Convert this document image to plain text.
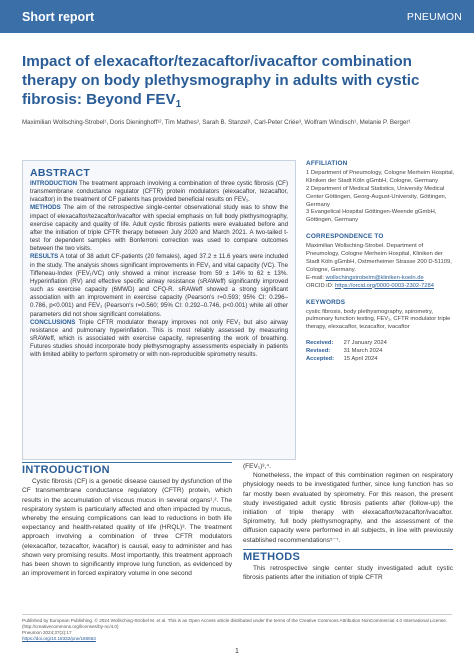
Short report	PNEUMON
Impact of elexacaftor/tezacaftor/ivacaftor combination therapy on body plethysmography in adults with cystic fibrosis: Beyond $FEV_1$
Maximilian Wollsching-Strobel¹, Doris Dieninghoff¹², Tim Mathes³, Sarah B. Stanzel¹, Carl-Peter Criée³, Wolfram Windisch¹, Melanie P. Berger¹
ABSTRACT
INTRODUCTION The treatment approach involving a combination of three cystic fibrosis (CF) transmembrane conductance regulator (CFTR) protein modulators (elexacaftor, tezacaftor, ivacaftor) in the treatment of CF patients has provided beneficial results on FEV₁.
METHODS The aim of the retrospective single-center observational study was to show the impact of elexacaftor/tezacaftor/ivacaftor with special emphasis on full body plethysmography, exercise capacity and quality of life. Adult cystic fibrosis patients were evaluated before and after the initiation of triple CFTR therapy between July 2020 and March 2021. A two-tailed t-test for dependent samples with Bonferroni correction was used to compare outcomes between the two visits.
RESULTS A total of 38 adult CF-patients (20 females), aged 37.2 ± 11.6 years were included in the study. The analysis shows significant improvements in FEV₁ and vital capacity (VC). The Tiffeneau-Index (FEV₁/VC) only showed a minor increase from 59 ± 14% to 62 ± 13%. Hyperinflation (RV) and effective specific airway resistance (sRAWeff) significantly improved such as exercise capacity (6MWD) and CFQ-R. sRAWeff showed a strong significant association with an improvement in exercise capacity (Pearson's r=0.593; 95% CI: 0.296–0.786, p<0.001) and FEV₁ (Pearson's r=0.560; 95% CI: 0.292–0.746, p<0.001) while all other parameters did not show significant correlations.
CONCLUSIONS Triple CFTR modulator therapy improves not only FEV₁ but also airway resistance and pulmonary hyperinflation. This is most reliably assessed by measuring sRAWeff, which is associated with exercise capacity, representing the work of breathing. Futures studies should incorporate body plethysmography assessments especially in patients with limited ability to perform spirometry or with non-reproducible spirometry results.
AFFILIATION
1 Department of Pneumology, Cologne Merheim Hospital, Kliniken der Stadt Köln gGmbH, Cologne, Germany
2 Department of Medical Statistics, University Medical Center Göttingen, Georg-August-University, Göttingen, Germany
3 Evangelical Hospital Göttingen-Weende gGmbH, Göttingen, Germany
CORRESPONDENCE TO
Maximilian Wollsching-Strobel. Department of Pneumology, Cologne Merheim Hospital, Kliniken der Stadt Köln gGmbH, Ostmerheimer Strasse 200 D-51109, Cologne, Germany.
E-mail: wollschingstrobelm@kliniken-koeln.de
ORCID iD: https://orcid.org/0000-0003-2302-7284
KEYWORDS
cystic fibrosis, body plethysmography, spirometry, pulmonary function testing, FEV₁, CFTR modulator triple therapy, elexacaftor, tezacaftor, ivacaftor
Received: 27 January 2024
Revised: 31 March 2024
Accepted: 15 April 2024
INTRODUCTION

Cystic fibrosis (CF) is a genetic disease caused by dysfunction of the CF transmembrane conductance regulatory (CFTR) protein, which results in the accumulation of viscous mucus in several organs¹,². The respiratory system is particularly affected and often impacted by mucus, whereby the ensuing complications can lead to reductions in both life expectancy and health-related quality of life (HRQL)³. The treatment approach involving a combination of three CFTR modulators (elexacaftor, tezacaftor, ivacaftor) is causal, easy to administer and has shown very promising results. Most importantly, this treatment approach has been shown to significantly improve lung function, as evidenced by an improvement in forced expiratory volume in one second

(FEV₁)³,⁴.

Nonetheless, the impact of this combination regimen on respiratory physiology needs to be investigated further, since lung function has so far mostly been evaluated by spirometry. For this reason, the present study investigated adult cystic fibrosis patients after (follow-up) the initiation of triple therapy with elexacaftor/tezacaftor/ivacaftor. Spirometry, full body plethysmography, and the assessment of the diffusion capacity were performed in all subjects, in line with previously established recommendations⁵⁻⁷.

METHODS

This retrospective single center study investigated adult cystic fibrosis patients after the initiation of triple CFTR

Published by European Publishing. © 2024 Wollsching-Strobel M. et al. This is an Open Access article distributed under the terms of the Creative Commons Attribution NonCommercial 4.0 International License. (http://creativecommons.org/licenses/by-nc/4.0)
Pneumon 2024;37(2):17
https://doi.org/10.18332/pne/186653
1
